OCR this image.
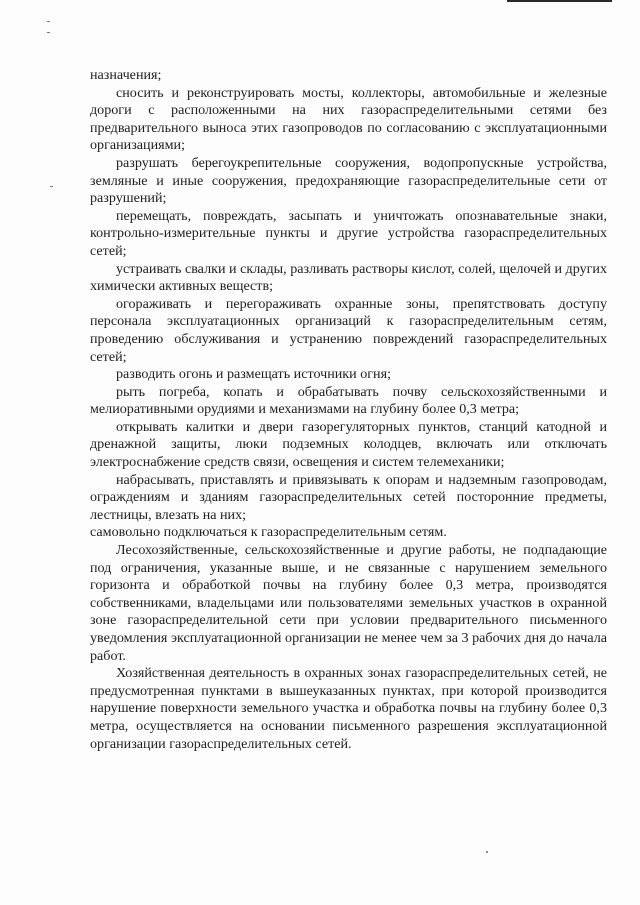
назначения;

сносить и реконструировать мосты, коллекторы, автомобильные и железные дороги с расположенными на них газораспределительными сетями без предварительного выноса этих газопроводов по согласованию с эксплуатационными организациями;

разрушать берегоукрепительные сооружения, водопропускные устройства, земляные и иные сооружения, предохраняющие газораспределительные сети от разрушений;

перемещать, повреждать, засыпать и уничтожать опознавательные знаки, контрольно-измерительные пункты и другие устройства газораспределительных сетей;

устраивать свалки и склады, разливать растворы кислот, солей, щелочей и других химически активных веществ;

огораживать и перегораживать охранные зоны, препятствовать доступу персонала эксплуатационных организаций к газораспределительным сетям, проведению обслуживания и устранению повреждений газораспределительных сетей;

разводить огонь и размещать источники огня;

рыть погреба, копать и обрабатывать почву сельскохозяйственными и мелиоративными орудиями и механизмами на глубину более 0,3 метра;

открывать калитки и двери газорегуляторных пунктов, станций катодной и дренажной защиты, люки подземных колодцев, включать или отключать электроснабжение средств связи, освещения и систем телемеханики;

набрасывать, приставлять и привязывать к опорам и надземным газопроводам, ограждениям и зданиям газораспределительных сетей посторонние предметы, лестницы, влезать на них;

самовольно подключаться к газораспределительным сетям.

Лесохозяйственные, сельскохозяйственные и другие работы, не подпадающие под ограничения, указанные выше, и не связанные с нарушением земельного горизонта и обработкой почвы на глубину более 0,3 метра, производятся собственниками, владельцами или пользователями земельных участков в охранной зоне газораспределительной сети при условии предварительного письменного уведомления эксплуатационной организации не менее чем за 3 рабочих дня до начала работ.

Хозяйственная деятельность в охранных зонах газораспределительных сетей, не предусмотренная пунктами в вышеуказанных пунктах, при которой производится нарушение поверхности земельного участка и обработка почвы на глубину более 0,3 метра, осуществляется на основании письменного разрешения эксплуатационной организации газораспределительных сетей.
